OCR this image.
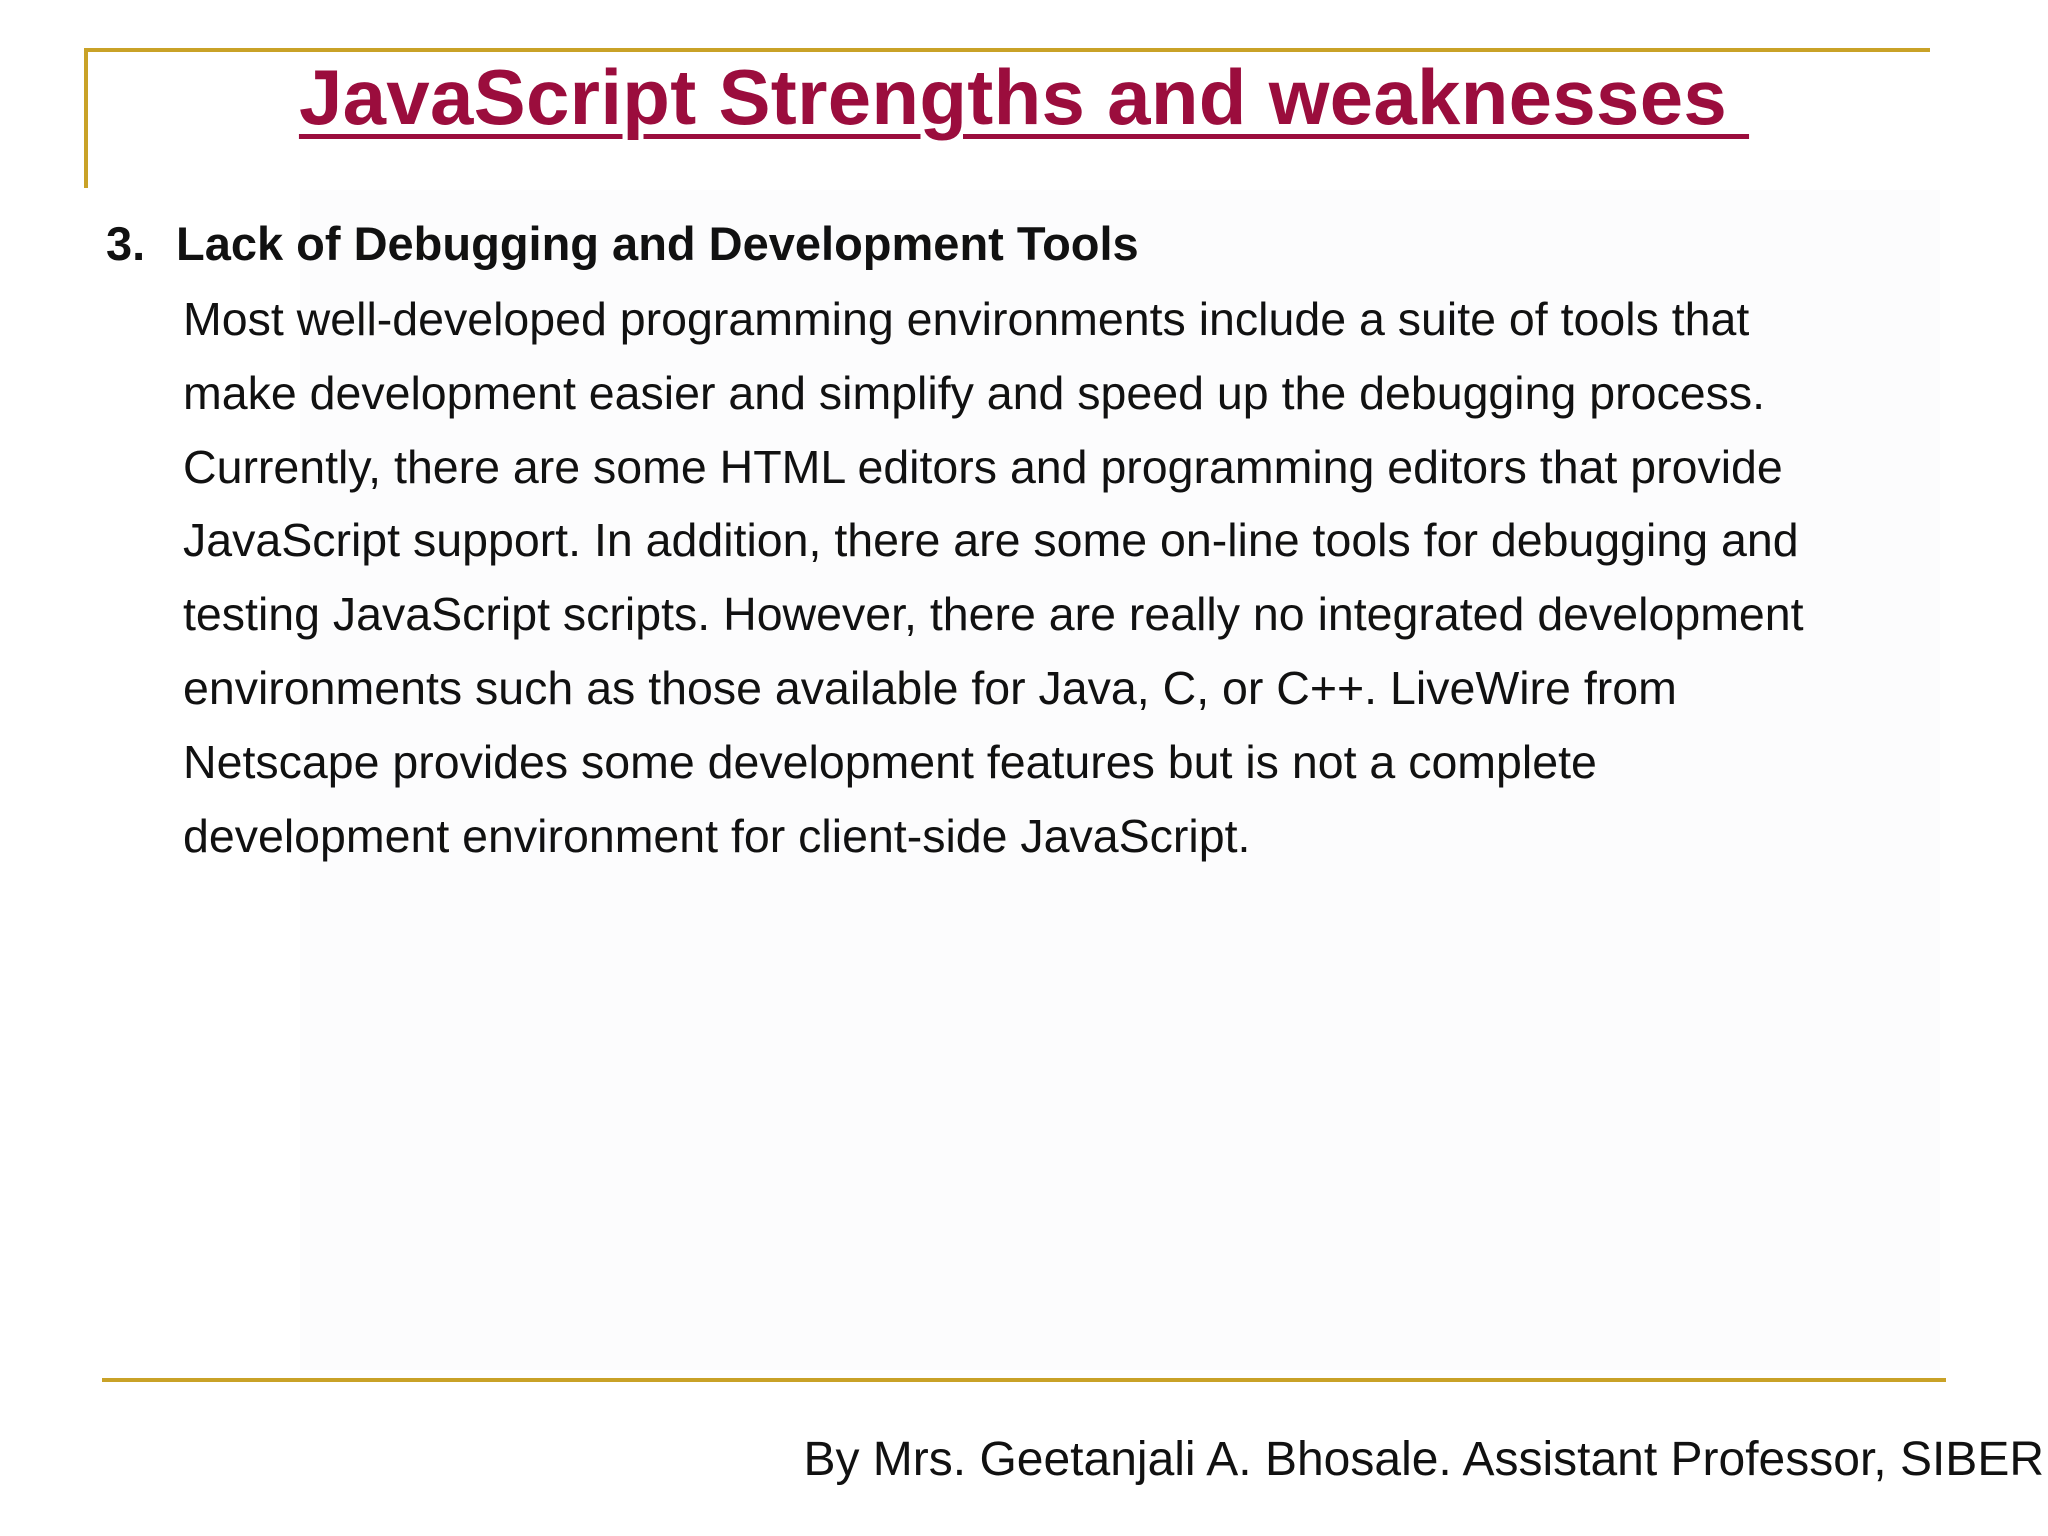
JavaScript Strengths and weaknesses
3. Lack of Debugging and Development Tools
Most well-developed programming environments include a suite of tools that
make development easier and simplify and speed up the debugging process.
Currently, there are some HTML editors and programming editors that provide
JavaScript support. In addition, there are some on-line tools for debugging and
testing JavaScript scripts. However, there are really no integrated development
environments such as those available for Java, C, or C++. LiveWire from
Netscape provides some development features but is not a complete
development environment for client-side JavaScript.

By Mrs. Geetanjali A. Bhosale. Assistant Professor, SIBER
